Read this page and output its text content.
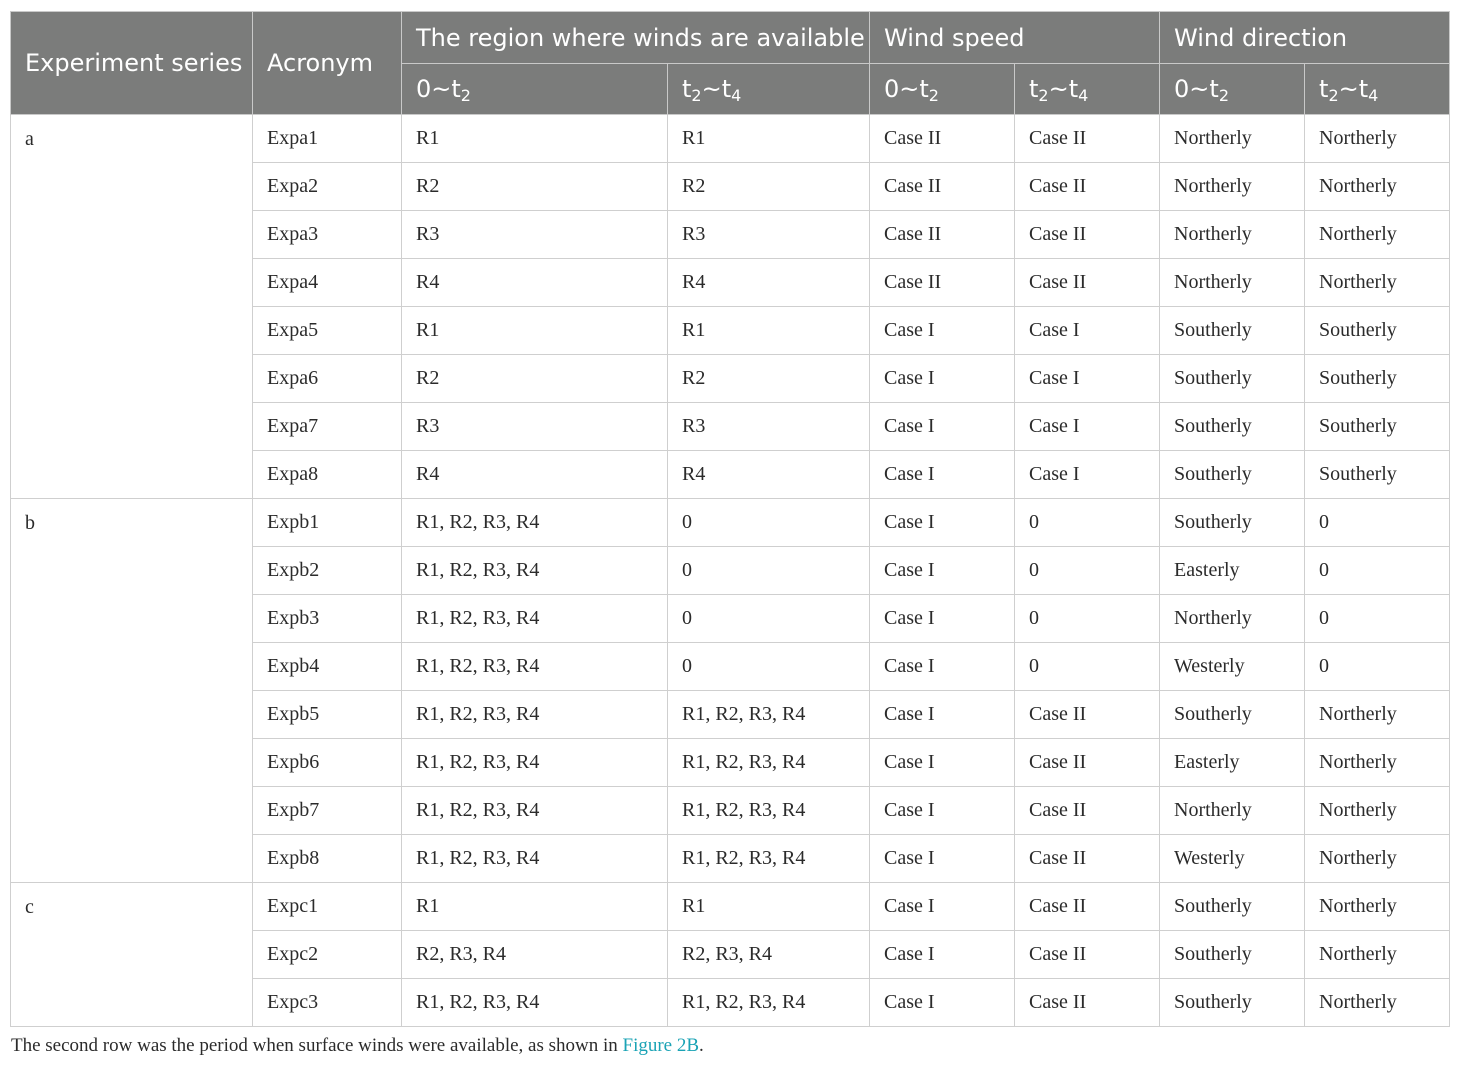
Experiment series	Acronym	The region where winds are available		Wind speed		Wind direction	
		$0\sim t_2$	$t_2\sim t_4$	$0\sim t_2$	$t_2\sim t_4$	$0\sim t_2$	$t_2\sim t_4$
a	Expa1	R1	R1	Case II	Case II	Northerly	Northerly
	Expa2	R2	R2	Case II	Case II	Northerly	Northerly
	Expa3	R3	R3	Case II	Case II	Northerly	Northerly
	Expa4	R4	R4	Case II	Case II	Northerly	Northerly
	Expa5	R1	R1	Case I	Case I	Southerly	Southerly
	Expa6	R2	R2	Case I	Case I	Southerly	Southerly
	Expa7	R3	R3	Case I	Case I	Southerly	Southerly
	Expa8	R4	R4	Case I	Case I	Southerly	Southerly
b	Expb1	R1, R2, R3, R4	0	Case I	0	Southerly	0
	Expb2	R1, R2, R3, R4	0	Case I	0	Easterly	0
	Expb3	R1, R2, R3, R4	0	Case I	0	Northerly	0
	Expb4	R1, R2, R3, R4	0	Case I	0	Westerly	0
	Expb5	R1, R2, R3, R4	R1, R2, R3, R4	Case I	Case II	Southerly	Northerly
	Expb6	R1, R2, R3, R4	R1, R2, R3, R4	Case I	Case II	Easterly	Northerly
	Expb7	R1, R2, R3, R4	R1, R2, R3, R4	Case I	Case II	Northerly	Northerly
	Expb8	R1, R2, R3, R4	R1, R2, R3, R4	Case I	Case II	Westerly	Northerly
c	Expc1	R1	R1	Case I	Case II	Southerly	Northerly
	Expc2	R2, R3, R4	R2, R3, R4	Case I	Case II	Southerly	Northerly
	Expc3	R1, R2, R3, R4	R1, R2, R3, R4	Case I	Case II	Southerly	Northerly
The second row was the period when surface winds were available, as shown in Figure 2B.
